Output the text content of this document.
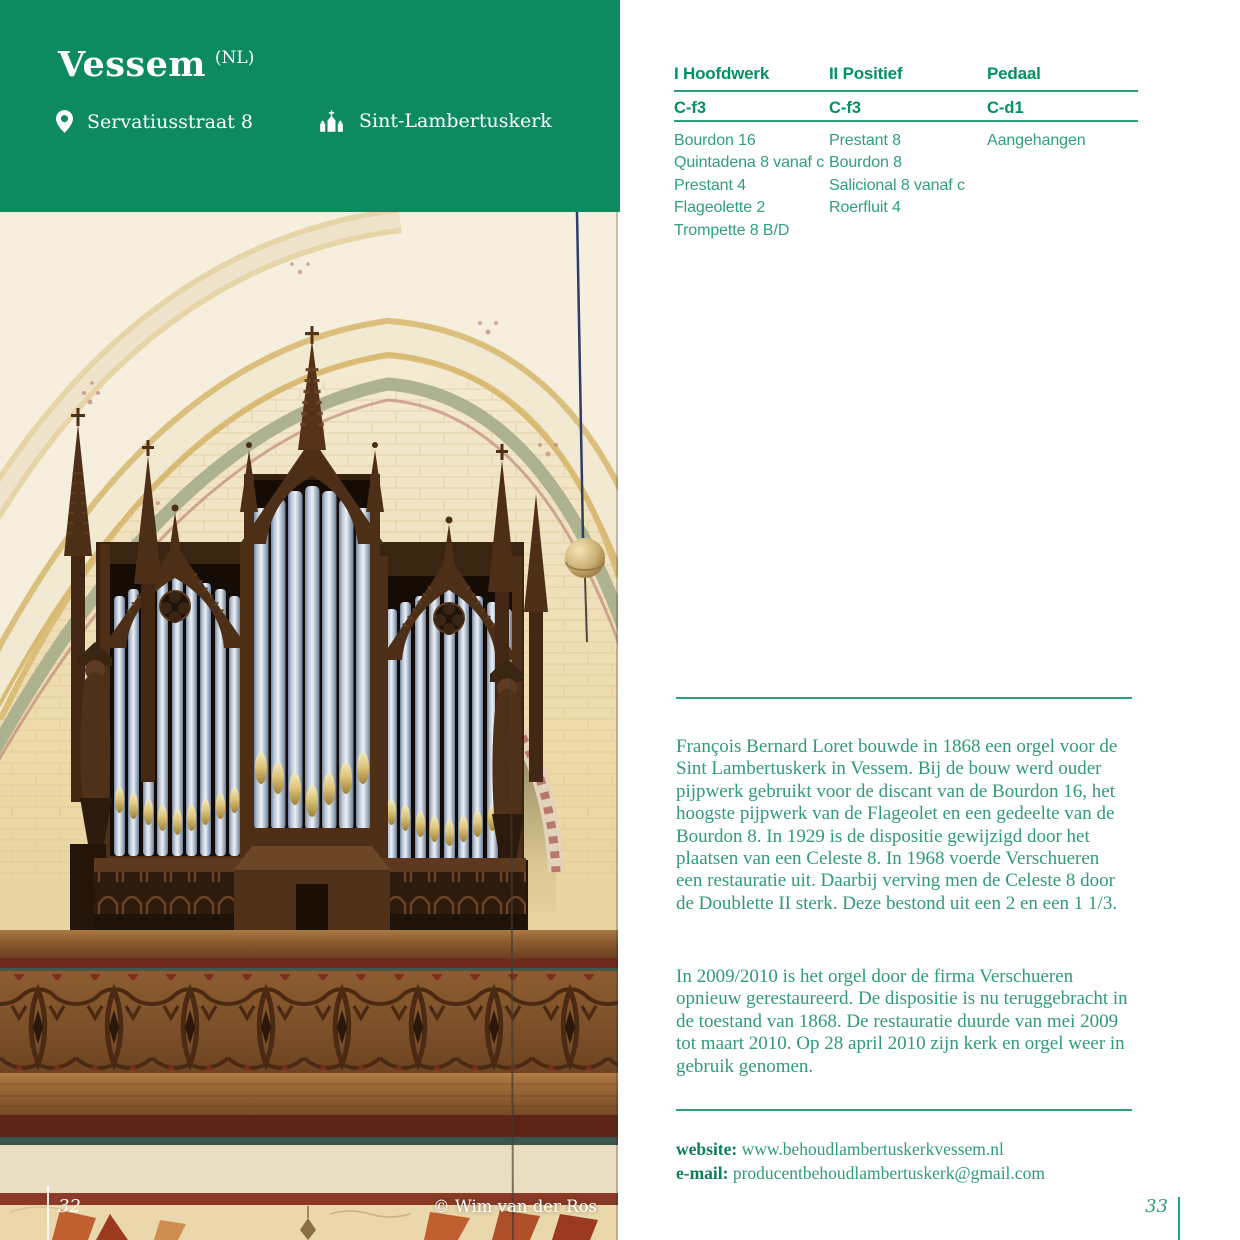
Vessem (NL)
Servatiusstraat 8	Sint-Lambertuskerk
32	© Wim van der Ros
I Hoofdwerk
C-f3
Bourdon 16
Quintadena 8 vanaf c
Prestant 4
Flageolette 2
Trompette 8 B/D
II Positief
C-f3
Prestant 8
Bourdon 8
Salicional 8 vanaf c
Roerfluit 4
Pedaal
C-d1
Aangehangen

François Bernard Loret bouwde in 1868 een orgel voor de Sint Lambertuskerk in Vessem. Bij de bouw werd ouder pijpwerk gebruikt voor de discant van de Bourdon 16, het hoogste pijpwerk van de Flageolet en een gedeelte van de Bourdon 8. In 1929 is de dispositie gewijzigd door het plaatsen van een Celeste 8. In 1968 voerde Verschueren een restauratie uit. Daarbij verving men de Celeste 8 door de Doublette II sterk. Deze bestond uit een 2 en een 1 1/3.

In 2009/2010 is het orgel door de firma Verschueren opnieuw gerestaureerd. De dispositie is nu teruggebracht in de toestand van 1868. De restauratie duurde van mei 2009 tot maart 2010. Op 28 april 2010 zijn kerk en orgel weer in gebruik genomen.

website: www.behoudlambertuskerkvessem.nl
e-mail: producentbehoudlambertuskerk@gmail.com
33
